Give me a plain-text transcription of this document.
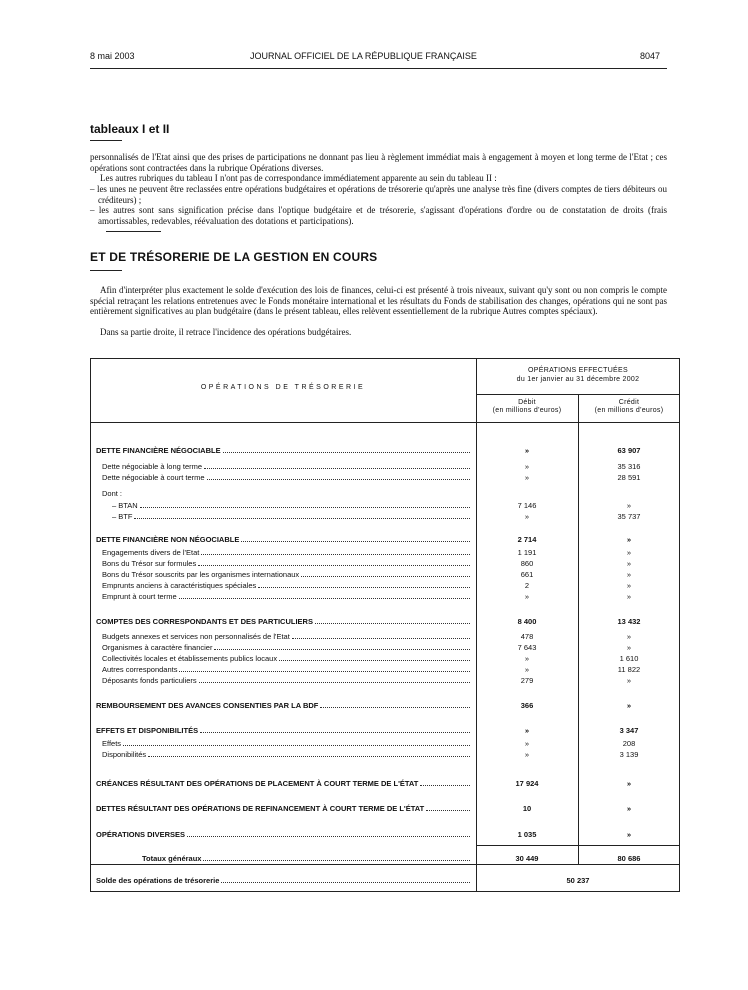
8 mai 2003	JOURNAL OFFICIEL DE LA RÉPUBLIQUE FRANÇAISE	8047
tableaux I et II
personnalisés de l'Etat ainsi que des prises de participations ne donnant pas lieu à règlement immédiat mais à engagement à moyen et long terme de l'Etat ; ces opérations sont contractées dans la rubrique Opérations diverses.
Les autres rubriques du tableau I n'ont pas de correspondance immédiatement apparente au sein du tableau II :
– les unes ne peuvent être reclassées entre opérations budgétaires et opérations de trésorerie qu'après une analyse très fine (divers comptes de tiers débiteurs ou créditeurs) ;
– les autres sont sans signification précise dans l'optique budgétaire et de trésorerie, s'agissant d'opérations d'ordre ou de constatation de droits (frais amortissables, redevables, réévaluation des dotations et participations).
ET DE TRÉSORERIE DE LA GESTION EN COURS
Afin d'interpréter plus exactement le solde d'exécution des lois de finances, celui-ci est présenté à trois niveaux, suivant qu'y sont ou non compris le compte spécial retraçant les relations entretenues avec le Fonds monétaire international et les résultats du Fonds de stabilisation des changes, opérations qui ne sont pas entièrement significatives au plan budgétaire (dans le présent tableau, elles relèvent essentiellement de la rubrique Autres comptes spéciaux).
Dans sa partie droite, il retrace l'incidence des opérations budgétaires.
OPÉRATIONS DE TRÉSORERIE
OPÉRATIONS EFFECTUÉES
du 1er janvier au 31 décembre 2002
Débit
(en millions d'euros)
Crédit
(en millions d'euros)
DETTE FINANCIÈRE NÉGOCIABLE	»	63 907
Dette négociable à long terme	»	35 316
Dette négociable à court terme	»	28 591
Dont :
– BTAN	7 146	»
– BTF	»	35 737
DETTE FINANCIÈRE NON NÉGOCIABLE	2 714	»
Engagements divers de l'Etat	1 191	»
Bons du Trésor sur formules	860	»
Bons du Trésor souscrits par les organismes internationaux	661	»
Emprunts anciens à caractéristiques spéciales	2	»
Emprunt à court terme	»	»
COMPTES DES CORRESPONDANTS ET DES PARTICULIERS	8 400	13 432
Budgets annexes et services non personnalisés de l'Etat	478	»
Organismes à caractère financier	7 643	»
Collectivités locales et établissements publics locaux	»	1 610
Autres correspondants	»	11 822
Déposants fonds particuliers	279	»
REMBOURSEMENT DES AVANCES CONSENTIES PAR LA BDF	366	»
EFFETS ET DISPONIBILITÉS	»	3 347
Effets	»	208
Disponibilités	»	3 139
CRÉANCES RÉSULTANT DES OPÉRATIONS DE PLACEMENT À COURT TERME DE L'ÉTAT	17 924	»
DETTES RÉSULTANT DES OPÉRATIONS DE REFINANCEMENT À COURT TERME DE L'ÉTAT	10	»
OPÉRATIONS DIVERSES	1 035	»
Totaux généraux	30 449	80 686
Solde des opérations de trésorerie	50 237
